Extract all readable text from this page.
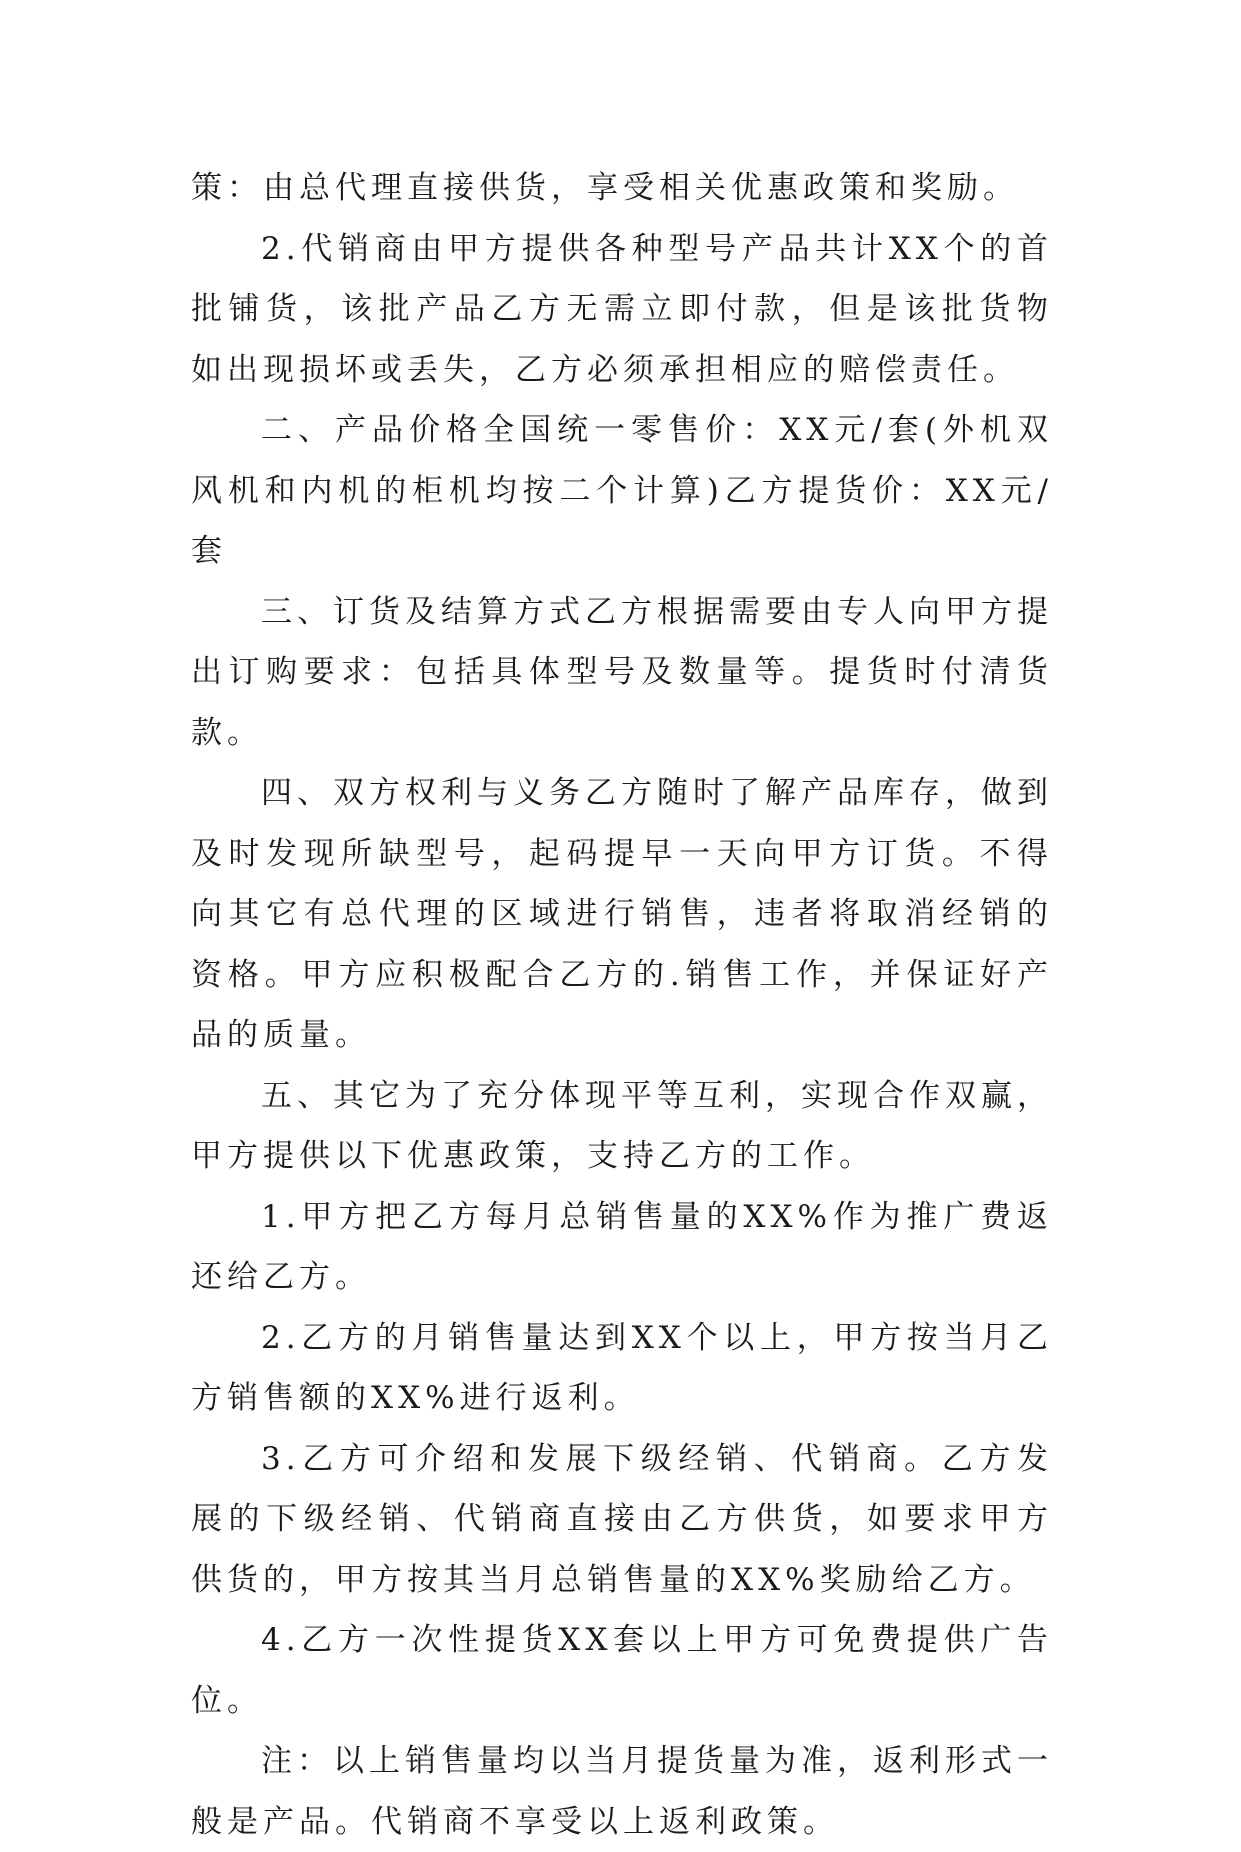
策：由总代理直接供货，享受相关优惠政策和奖励。

2.代销商由甲方提供各种型号产品共计XX个的首批铺货，该批产品乙方无需立即付款，但是该批货物如出现损坏或丢失，乙方必须承担相应的赔偿责任。

二、产品价格全国统一零售价：XX元/套(外机双风机和内机的柜机均按二个计算)乙方提货价：XX元/套

三、订货及结算方式乙方根据需要由专人向甲方提出订购要求：包括具体型号及数量等。提货时付清货款。

四、双方权利与义务乙方随时了解产品库存，做到及时发现所缺型号，起码提早一天向甲方订货。不得向其它有总代理的区域进行销售，违者将取消经销的资格。甲方应积极配合乙方的.销售工作，并保证好产品的质量。

五、其它为了充分体现平等互利，实现合作双赢，甲方提供以下优惠政策，支持乙方的工作。

1.甲方把乙方每月总销售量的XX%作为推广费返还给乙方。

2.乙方的月销售量达到XX个以上，甲方按当月乙方销售额的XX%进行返利。

3.乙方可介绍和发展下级经销、代销商。乙方发展的下级经销、代销商直接由乙方供货，如要求甲方供货的，甲方按其当月总销售量的XX%奖励给乙方。

4.乙方一次性提货XX套以上甲方可免费提供广告位。

注：以上销售量均以当月提货量为准，返利形式一般是产品。代销商不享受以上返利政策。
